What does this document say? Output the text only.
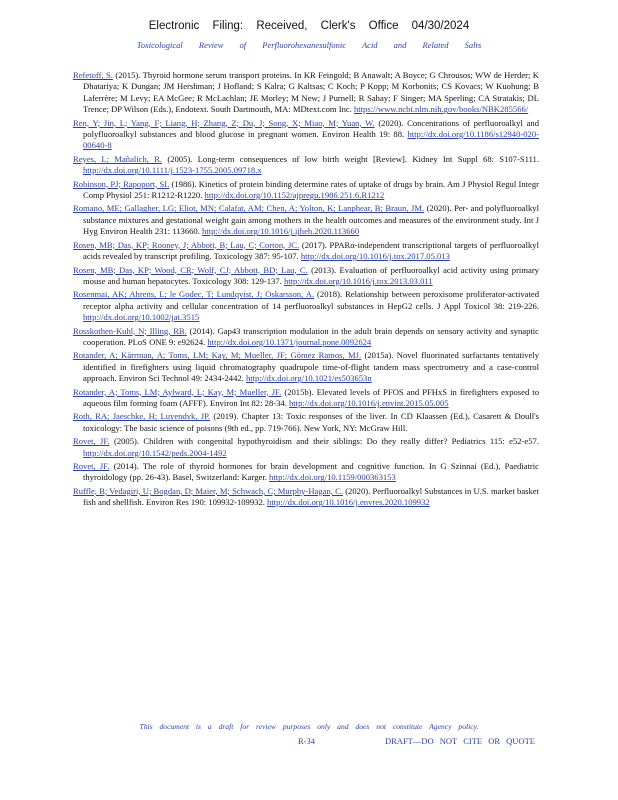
Electronic Filing: Received, Clerk's Office 04/30/2024
Toxicological Review of Perfluorohexanesulfonic Acid and Related Salts

Refetoff, S. (2015). Thyroid hormone serum transport proteins. In KR Feingold; B Anawalt; A Boyce; G Chrousos; WW de Herder; K Dhatariya; K Dungan; JM Hershman; J Hofland; S Kalra; G Kaltsas; C Koch; P Kopp; M Korbonits; CS Kovacs; W Kuohung; B Laferrère; M Levy; EA McGee; R McLachlan; JE Morley; M New; J Purnell; R Sahay; F Singer; MA Sperling; CA Stratakis; DL Trence; DP Wilson (Eds.), Endotext. South Dartmouth, MA: MDtext.com Inc. https://www.ncbi.nlm.nih.gov/books/NBK285566/

Ren, Y; Jin, L; Yang, F; Liang, H; Zhang, Z; Du, J; Song, X; Miao, M; Yuan, W. (2020). Concentrations of perfluoroalkyl and polyfluoroalkyl substances and blood glucose in pregnant women. Environ Health 19: 88. http://dx.doi.org/10.1186/s12940-020-00640-8

Reyes, L; Mañalich, R. (2005). Long-term consequences of low birth weight [Review]. Kidney Int Suppl 68: S107-S111. http://dx.doi.org/10.1111/j.1523-1755.2005.09718.x

Robinson, PJ; Rapoport, SI. (1986). Kinetics of protein binding determine rates of uptake of drugs by brain. Am J Physiol Regul Integr Comp Physiol 251: R1212-R1220. http://dx.doi.org/10.1152/ajpregu.1986.251.6.R1212

Romano, ME; Gallagher, LG; Eliot, MN; Calafat, AM; Chen, A; Yolton, K; Lanphear, B; Braun, JM. (2020). Per- and polyfluoroalkyl substance mixtures and gestational weight gain among mothers in the health outcomes and measures of the environment study. Int J Hyg Environ Health 231: 113660. http://dx.doi.org/10.1016/j.ijheh.2020.113660

Rosen, MB; Das, KP; Rooney, J; Abbott, B; Lau, C; Corton, JC. (2017). PPARα-independent transcriptional targets of perfluoroalkyl acids revealed by transcript profiling. Toxicology 387: 95-107. http://dx.doi.org/10.1016/j.tox.2017.05.013

Rosen, MB; Das, KP; Wood, CR; Wolf, CJ; Abbott, BD; Lau, C. (2013). Evaluation of perfluoroalkyl acid activity using primary mouse and human hepatocytes. Toxicology 308: 129-137. http://dx.doi.org/10.1016/j.tox.2013.03.011

Rosenmai, AK; Ahrens, L; le Godec, T; Lundqvist, J; Oskarsson, A. (2018). Relationship between peroxisome proliferator-activated receptor alpha activity and cellular concentration of 14 perfluoroalkyl substances in HepG2 cells. J Appl Toxicol 38: 219-226. http://dx.doi.org/10.1002/jat.3515

Rosskothen-Kuhl, N; Illing, RB. (2014). Gap43 transcription modulation in the adult brain depends on sensory activity and synaptic cooperation. PLoS ONE 9: e92624. http://dx.doi.org/10.1371/journal.pone.0092624

Rotander, A; Kärrman, A; Toms, LM; Kay, M; Mueller, JF; Gómez Ramos, MJ. (2015a). Novel fluorinated surfactants tentatively identified in firefighters using liquid chromatography quadrupole time-of-flight tandem mass spectrometry and a case-control approach. Environ Sci Technol 49: 2434-2442. http://dx.doi.org/10.1021/es503653n

Rotander, A; Toms, LM; Aylward, L; Kay, M; Mueller, JF. (2015b). Elevated levels of PFOS and PFHxS in firefighters exposed to aqueous film forming foam (AFFF). Environ Int 82: 28-34. http://dx.doi.org/10.1016/j.envint.2015.05.005

Roth, RA; Jaeschke, H; Luyendyk, JP. (2019). Chapter 13: Toxic responses of the liver. In CD Klaassen (Ed.), Casarett & Doull's toxicology: The basic science of poisons (9th ed., pp. 719-766). New York, NY: McGraw Hill.

Rovet, JF. (2005). Children with congenital hypothyroidism and their siblings: Do they really differ? Pediatrics 115: e52-e57. http://dx.doi.org/10.1542/peds.2004-1492

Rovet, JF. (2014). The role of thyroid hormones for brain development and cognitive function. In G Szinnai (Ed.), Paediatric thyroidology (pp. 26-43). Basel, Switzerland: Karger. http://dx.doi.org/10.1159/000363153

Ruffle, B; Vedagiri, U; Bogdan, D; Maier, M; Schwach, C; Murphy-Hagan, C. (2020). Perfluoroalkyl Substances in U.S. market basket fish and shellfish. Environ Res 190: 109932-109932. http://dx.doi.org/10.1016/j.envres.2020.109932

This document is a draft for review purposes only and does not constitute Agency policy.
R-34	DRAFT—DO NOT CITE OR QUOTE
